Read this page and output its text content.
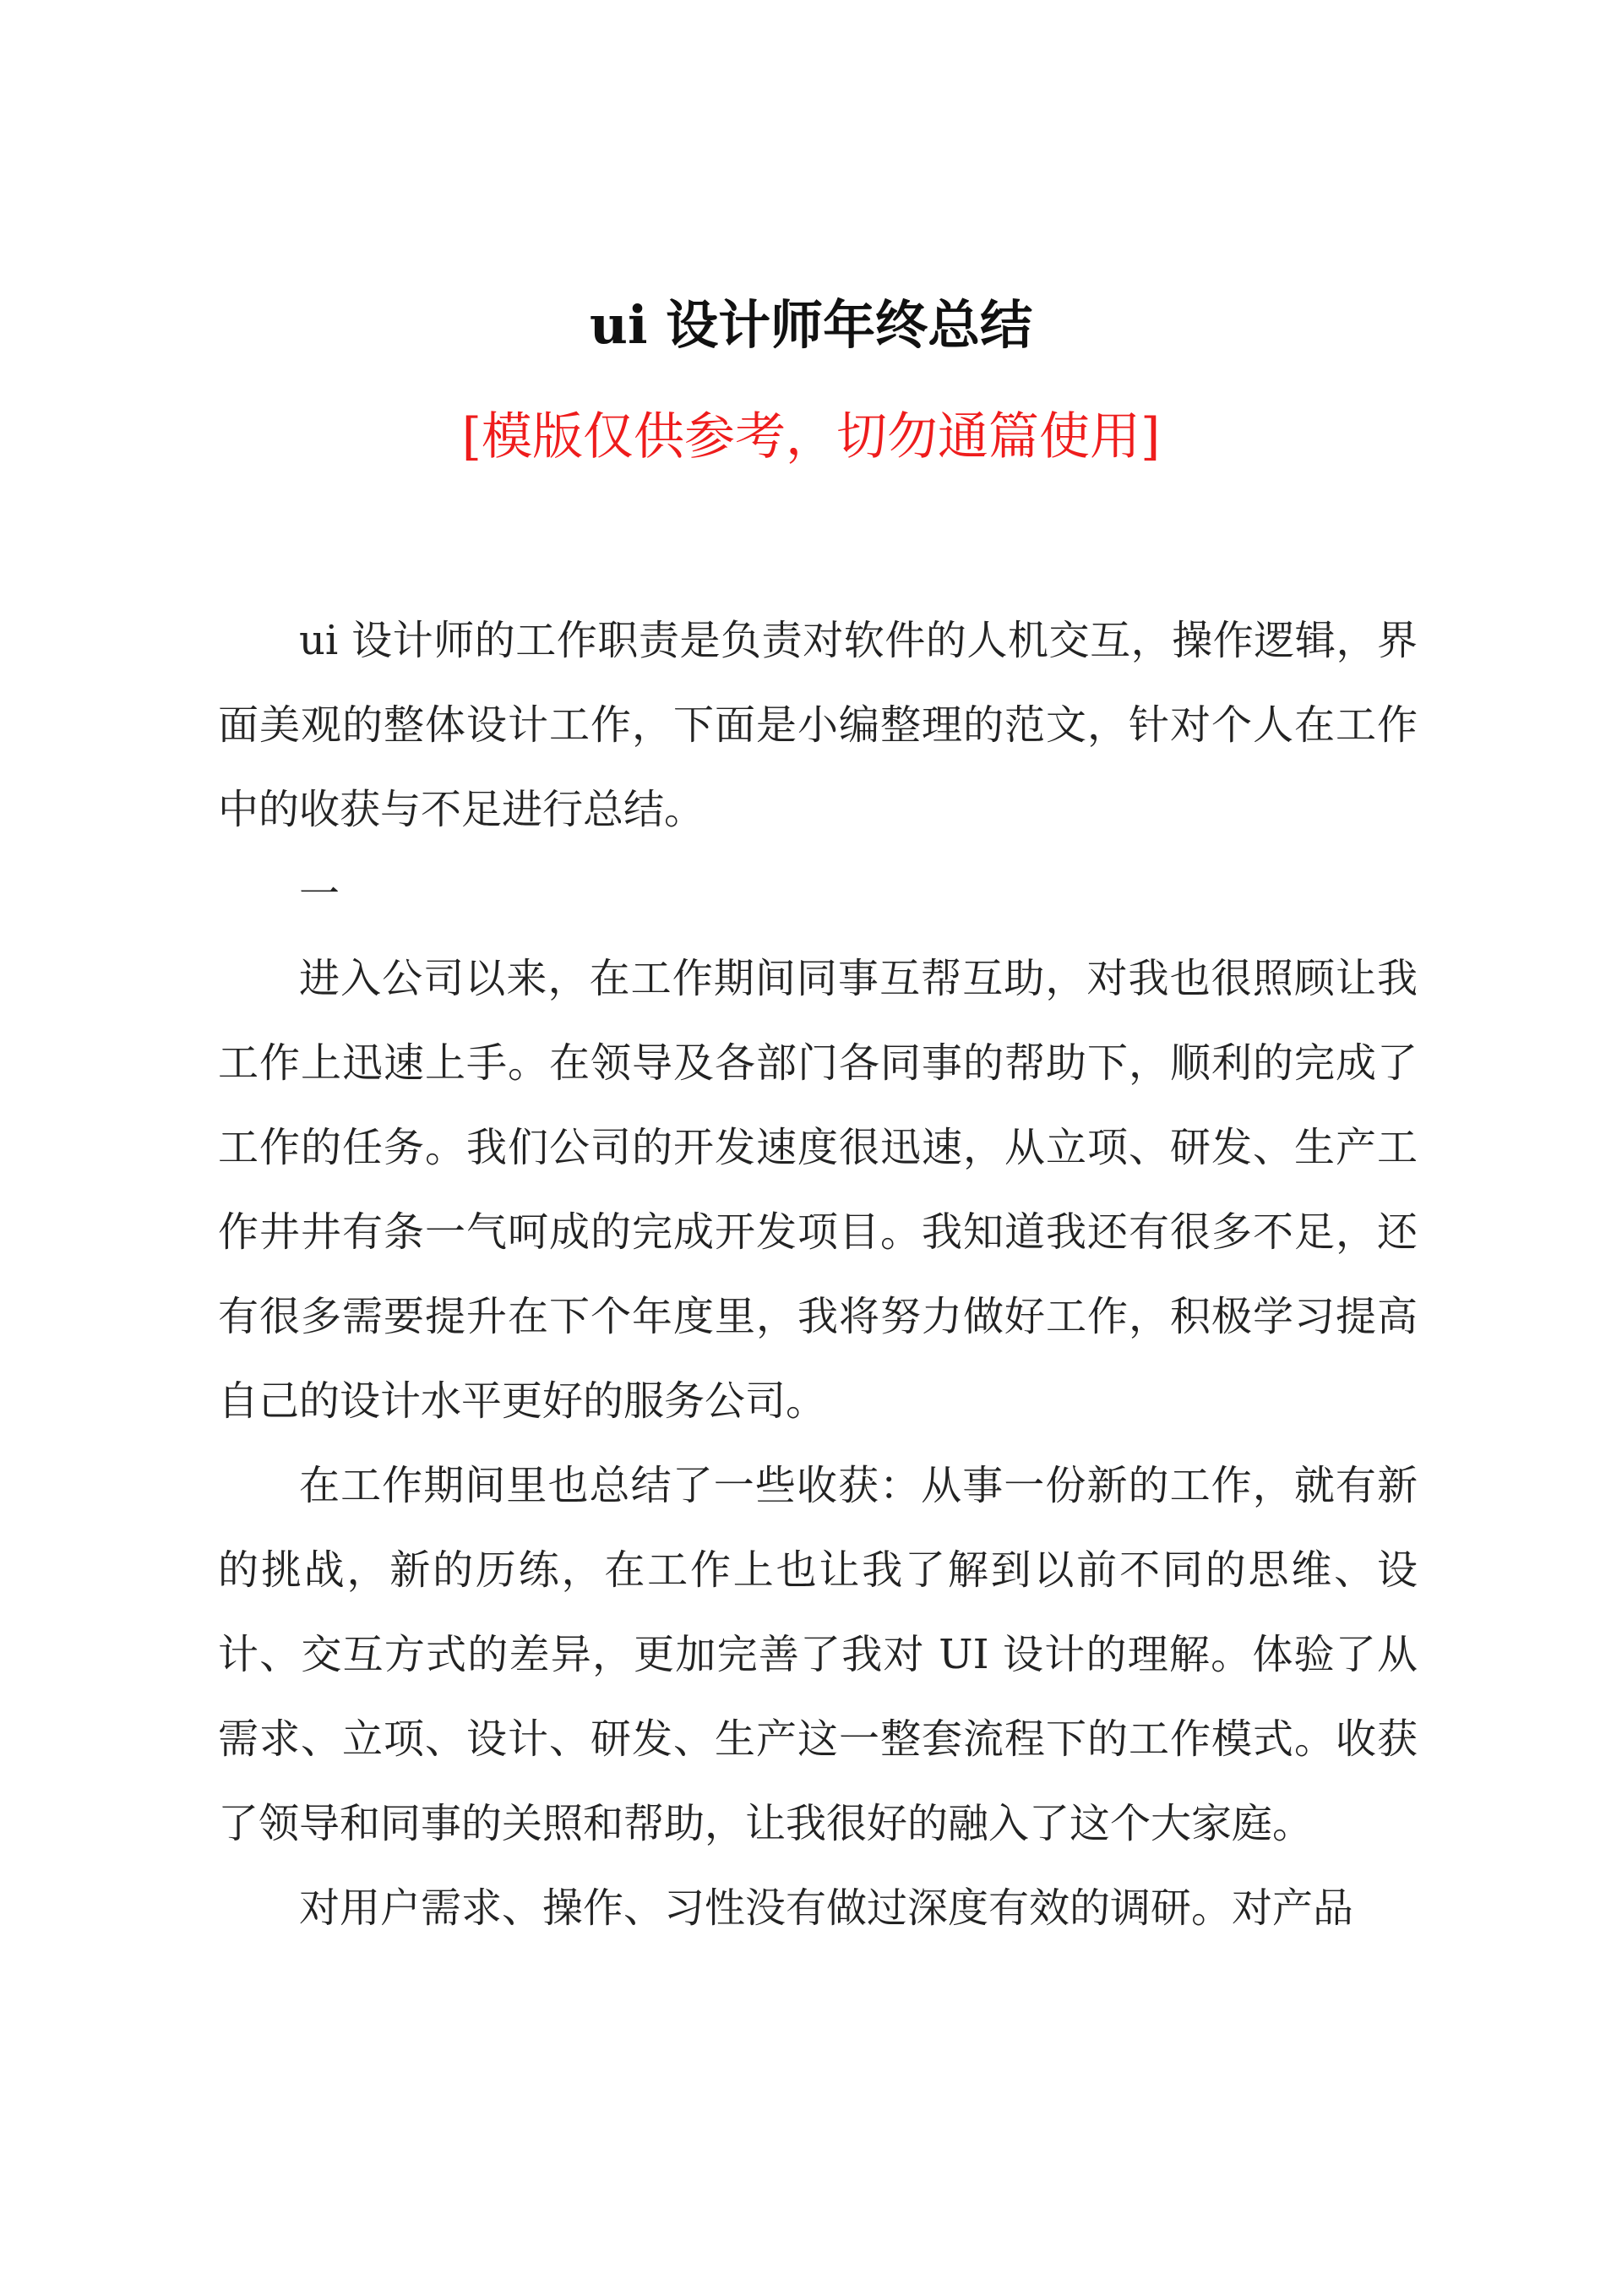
ui 设计师年终总结

[模版仅供参考，切勿通篇使用]

ui 设计师的工作职责是负责对软件的人机交互，操作逻辑，界面美观的整体设计工作，下面是小编整理的范文，针对个人在工作中的收获与不足进行总结。

一

进入公司以来，在工作期间同事互帮互助，对我也很照顾让我工作上迅速上手。在领导及各部门各同事的帮助下，顺利的完成了工作的任务。我们公司的开发速度很迅速，从立项、研发、生产工作井井有条一气呵成的完成开发项目。我知道我还有很多不足，还有很多需要提升在下个年度里，我将努力做好工作，积极学习提高自己的设计水平更好的服务公司。

在工作期间里也总结了一些收获：从事一份新的工作，就有新的挑战，新的历练，在工作上也让我了解到以前不同的思维、设计、交互方式的差异，更加完善了我对 UI 设计的理解。体验了从需求、立项、设计、研发、生产这一整套流程下的工作模式。收获了领导和同事的关照和帮助，让我很好的融入了这个大家庭。

对用户需求、操作、习性没有做过深度有效的调研。对产品
